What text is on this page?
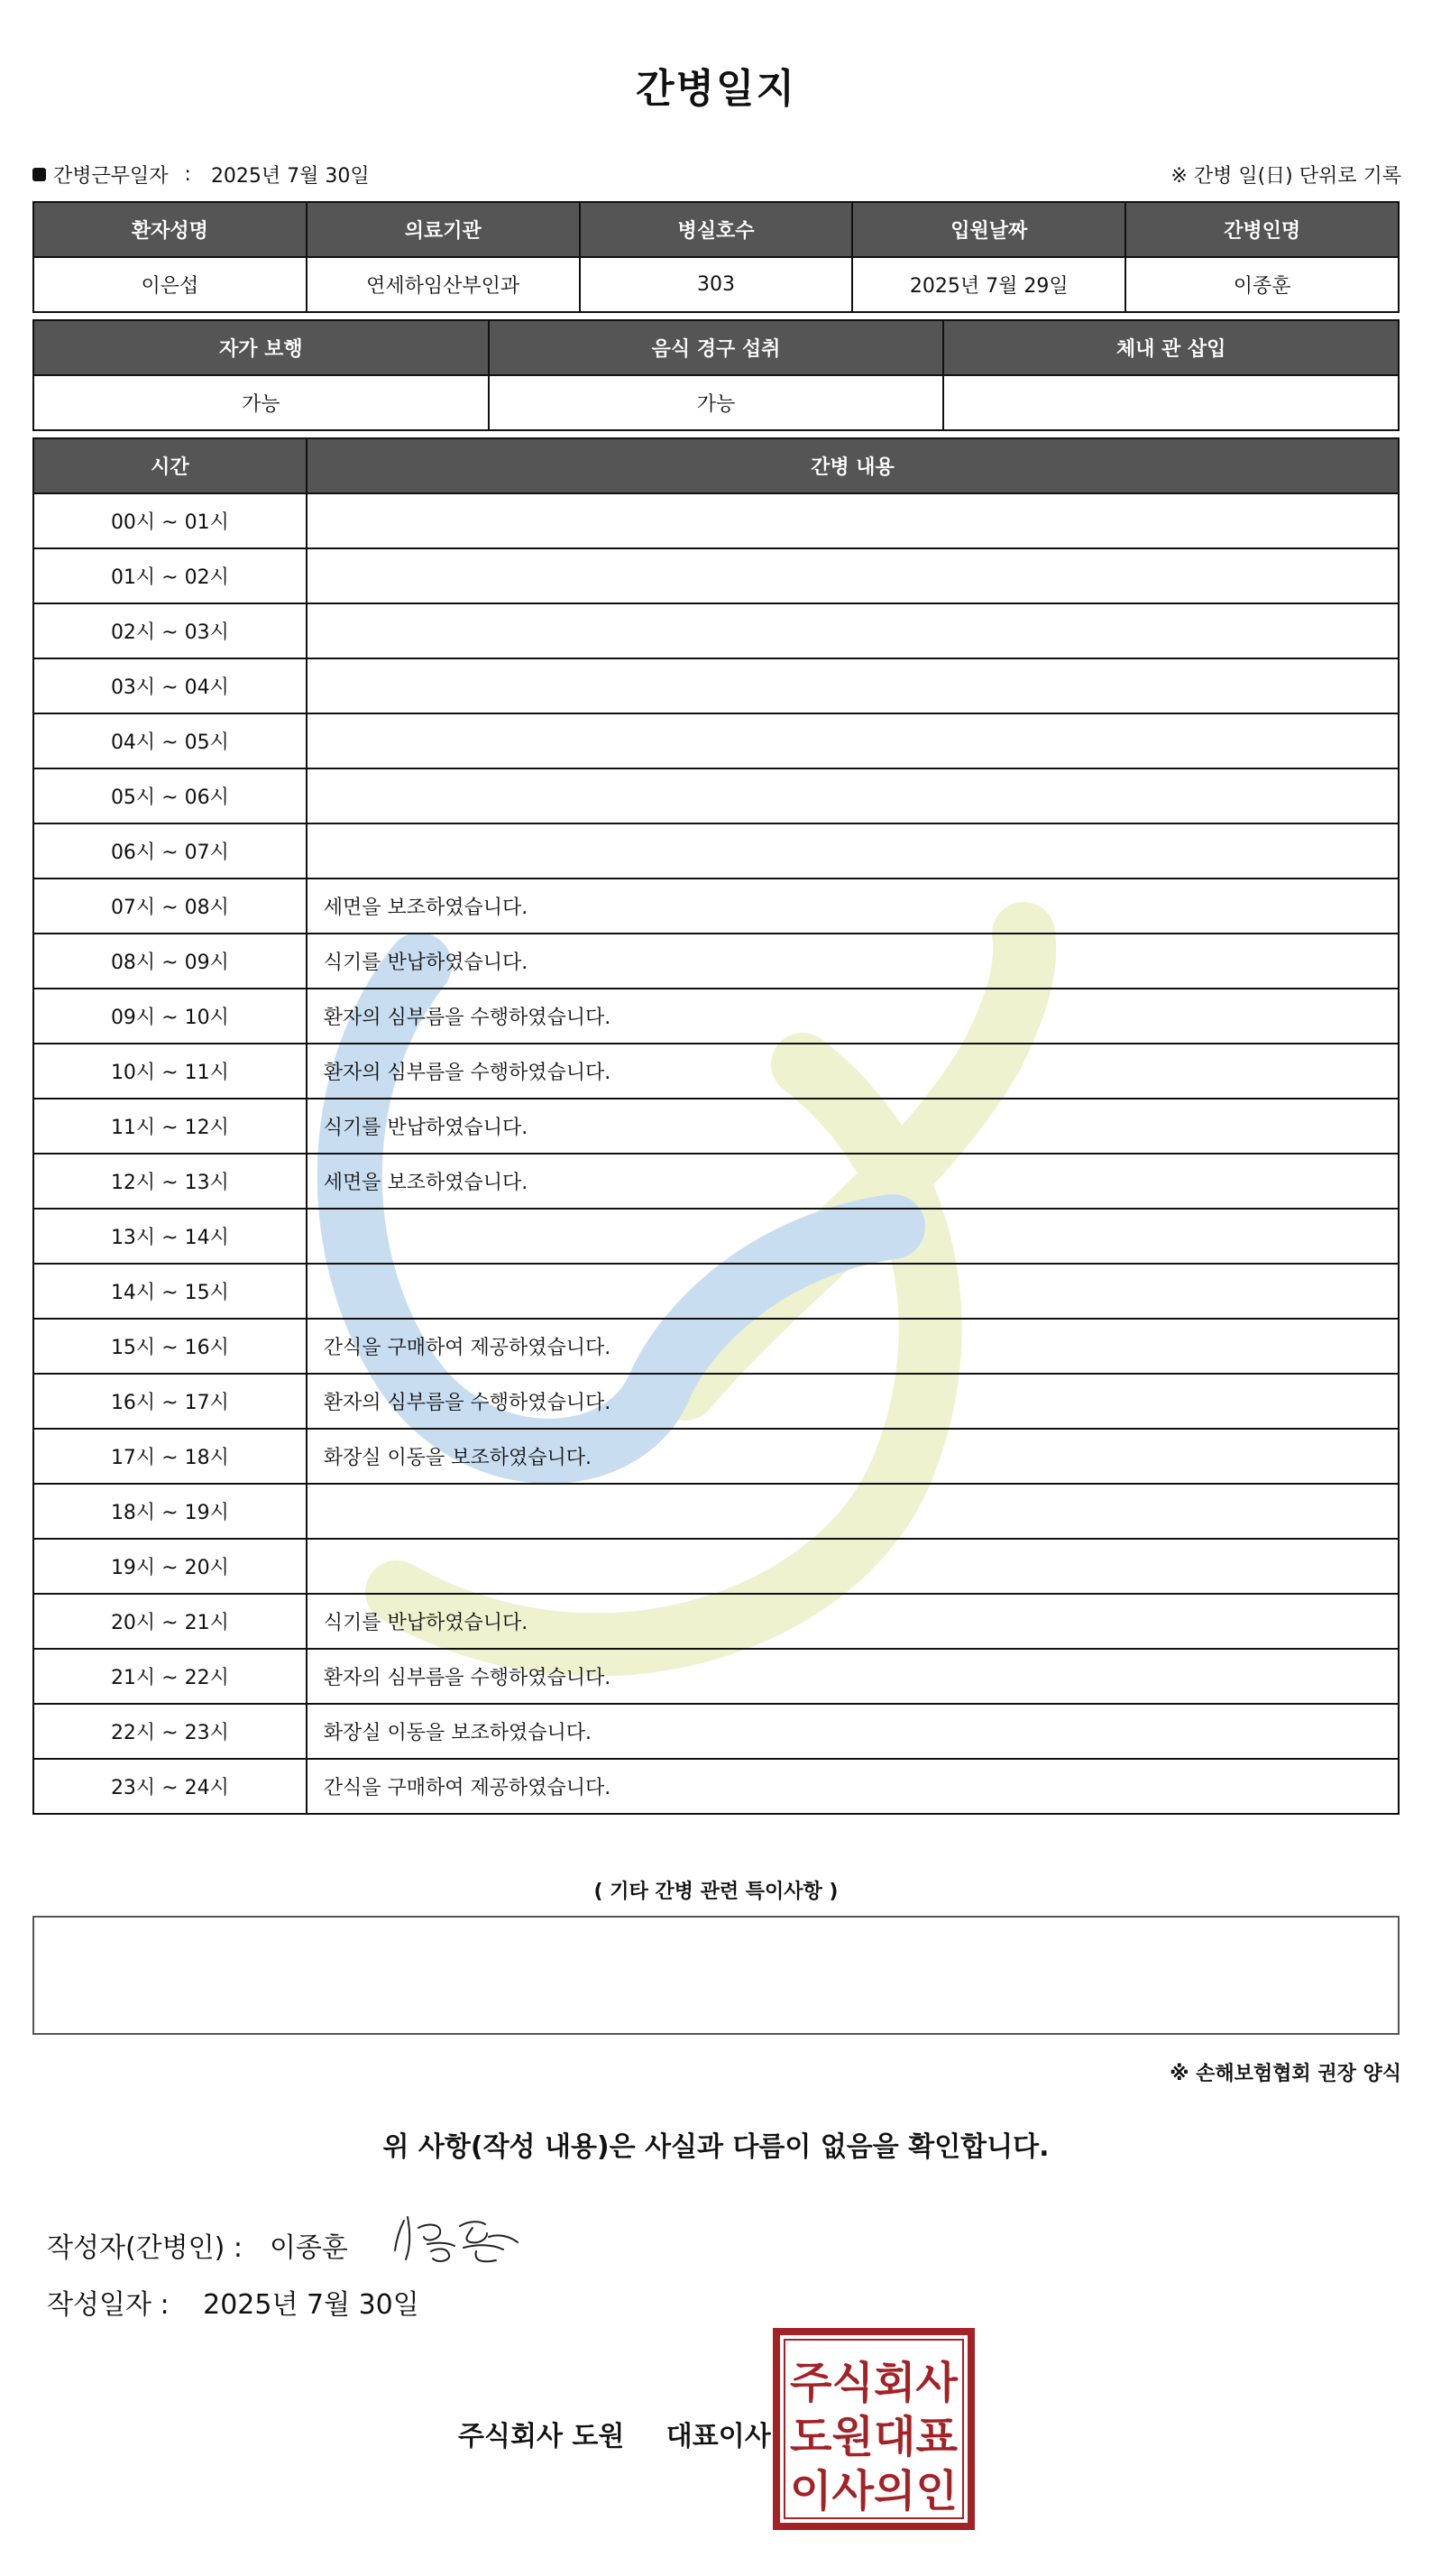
간병일지
간병근무일자 : 2025년 7월 30일	※ 간병 일(日) 단위로 기록
환자성명	의료기관	병실호수	입원날짜	간병인명
이은섭	연세하임산부인과	303	2025년 7월 29일	이종훈
자가 보행	음식 경구 섭취	체내 관 삽입
가능	가능	
시간	간병 내용
00시 ~ 01시	
01시 ~ 02시	
02시 ~ 03시	
03시 ~ 04시	
04시 ~ 05시	
05시 ~ 06시	
06시 ~ 07시	
07시 ~ 08시	세면을 보조하였습니다.
08시 ~ 09시	식기를 반납하였습니다.
09시 ~ 10시	환자의 심부름을 수행하였습니다.
10시 ~ 11시	환자의 심부름을 수행하였습니다.
11시 ~ 12시	식기를 반납하였습니다.
12시 ~ 13시	세면을 보조하였습니다.
13시 ~ 14시	
14시 ~ 15시	
15시 ~ 16시	간식을 구매하여 제공하였습니다.
16시 ~ 17시	환자의 심부름을 수행하였습니다.
17시 ~ 18시	화장실 이동을 보조하였습니다.
18시 ~ 19시	
19시 ~ 20시	
20시 ~ 21시	식기를 반납하였습니다.
21시 ~ 22시	환자의 심부름을 수행하였습니다.
22시 ~ 23시	화장실 이동을 보조하였습니다.
23시 ~ 24시	간식을 구매하여 제공하였습니다.
( 기타 간병 관련 특이사항 )
※ 손해보험협회 권장 양식
위 사항(작성 내용)은 사실과 다름이 없음을 확인합니다.
작성자(간병인) : 이종훈
작성일자 : 2025년 7월 30일
주식회사 도원 대표이사
주식회사
도원대표
이사의인
